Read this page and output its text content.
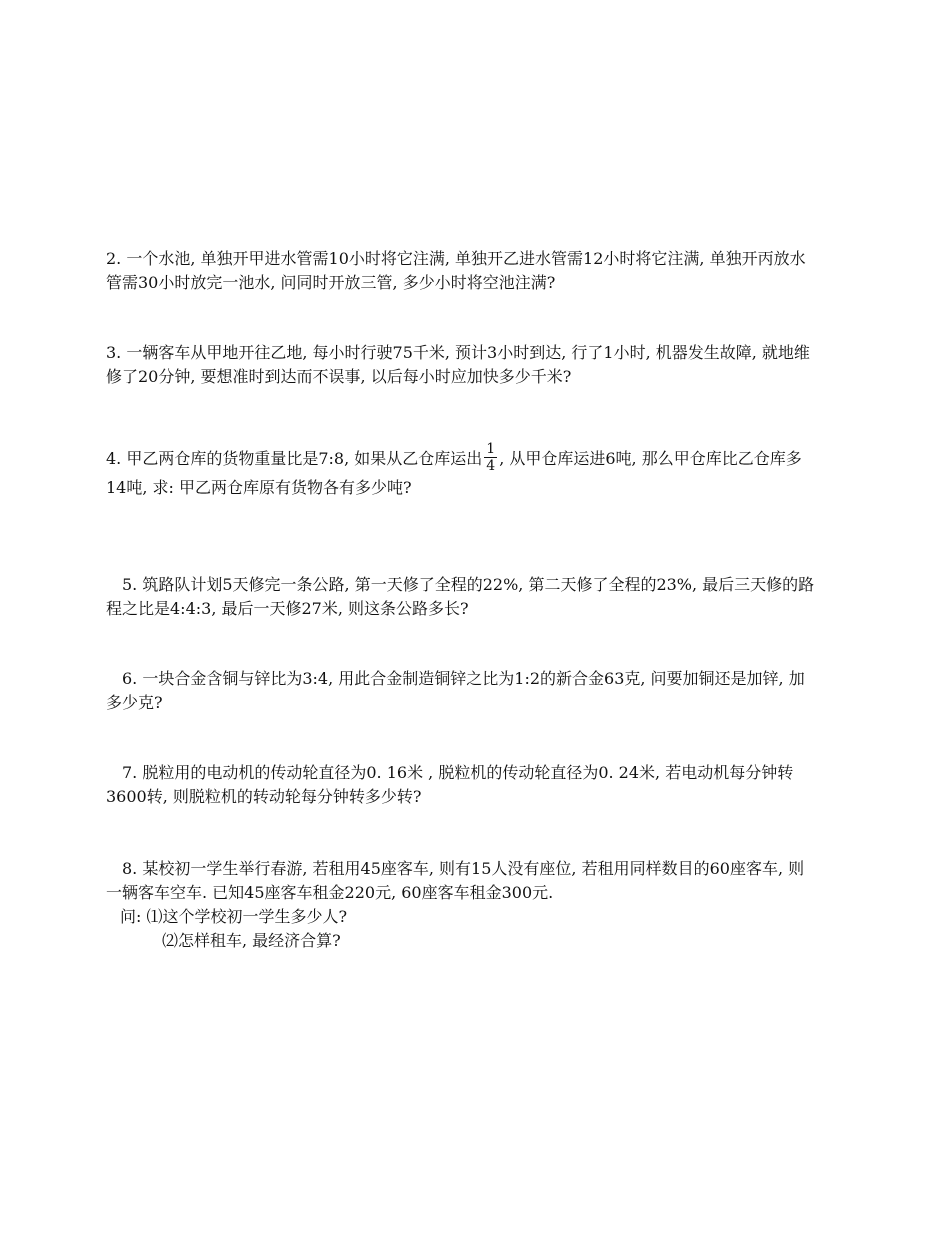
2. 一个水池, 单独开甲进水管需10小时将它注满, 单独开乙进水管需12小时将它注满, 单独开丙放水

管需30小时放完一池水, 问同时开放三管, 多少小时将空池注满?

3. 一辆客车从甲地开往乙地, 每小时行驶75千米, 预计3小时到达, 行了1小时, 机器发生故障, 就地维

修了20分钟, 要想准时到达而不误事, 以后每小时应加快多少千米?

4. 甲乙两仓库的货物重量比是7:8, 如果从乙仓库运出 $\frac{1}{4}$ , 从甲仓库运进6吨, 那么甲仓库比乙仓库多

14吨, 求: 甲乙两仓库原有货物各有多少吨?

5. 筑路队计划5天修完一条公路, 第一天修了全程的22%, 第二天修了全程的23%, 最后三天修的路

程之比是4:4:3, 最后一天修27米, 则这条公路多长?

6. 一块合金含铜与锌比为3:4, 用此合金制造铜锌之比为1:2的新合金63克, 问要加铜还是加锌, 加

多少克?

7. 脱粒用的电动机的传动轮直径为0. 16米 , 脱粒机的传动轮直径为0. 24米, 若电动机每分钟转

3600转, 则脱粒机的转动轮每分钟转多少转?

8. 某校初一学生举行春游, 若租用45座客车, 则有15人没有座位, 若租用同样数目的60座客车, 则

一辆客车空车. 已知45座客车租金220元, 60座客车租金300元.

问: ⑴这个学校初一学生多少人?

⑵怎样租车, 最经济合算?
